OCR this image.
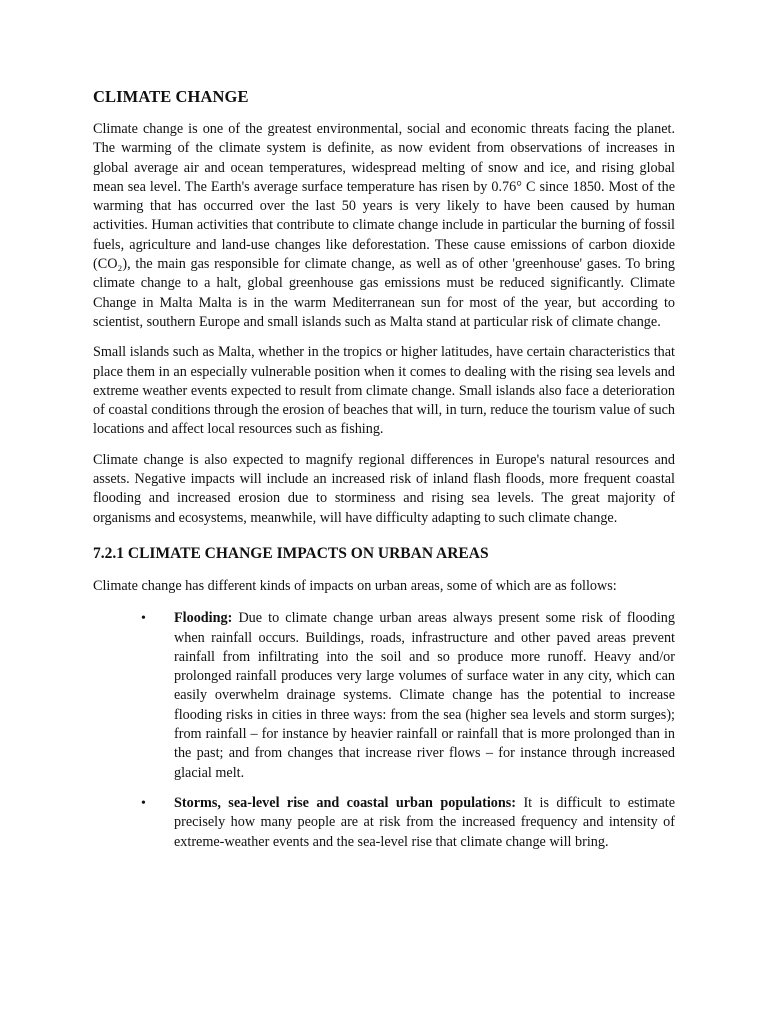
CLIMATE CHANGE

Climate change is one of the greatest environmental, social and economic threats facing the planet. The warming of the climate system is definite, as now evident from observations of increases in global average air and ocean temperatures, widespread melting of snow and ice, and rising global mean sea level. The Earth's average surface temperature has risen by 0.76° C since 1850. Most of the warming that has occurred over the last 50 years is very likely to have been caused by human activities. Human activities that contribute to climate change include in particular the burning of fossil fuels, agriculture and land-use changes like deforestation. These cause emissions of carbon dioxide (CO₂), the main gas responsible for climate change, as well as of other 'greenhouse' gases. To bring climate change to a halt, global greenhouse gas emissions must be reduced significantly. Climate Change in Malta Malta is in the warm Mediterranean sun for most of the year, but according to scientist, southern Europe and small islands such as Malta stand at particular risk of climate change.

Small islands such as Malta, whether in the tropics or higher latitudes, have certain characteristics that place them in an especially vulnerable position when it comes to dealing with the rising sea levels and extreme weather events expected to result from climate change. Small islands also face a deterioration of coastal conditions through the erosion of beaches that will, in turn, reduce the tourism value of such locations and affect local resources such as fishing.

Climate change is also expected to magnify regional differences in Europe's natural resources and assets. Negative impacts will include an increased risk of inland flash floods, more frequent coastal flooding and increased erosion due to storminess and rising sea levels. The great majority of organisms and ecosystems, meanwhile, will have difficulty adapting to such climate change.

7.2.1 CLIMATE CHANGE IMPACTS ON URBAN AREAS

Climate change has different kinds of impacts on urban areas, some of which are as follows:

• Flooding: Due to climate change urban areas always present some risk of flooding when rainfall occurs. Buildings, roads, infrastructure and other paved areas prevent rainfall from infiltrating into the soil and so produce more runoff. Heavy and/or prolonged rainfall produces very large volumes of surface water in any city, which can easily overwhelm drainage systems. Climate change has the potential to increase flooding risks in cities in three ways: from the sea (higher sea levels and storm surges); from rainfall – for instance by heavier rainfall or rainfall that is more prolonged than in the past; and from changes that increase river flows – for instance through increased glacial melt.
• Storms, sea-level rise and coastal urban populations: It is difficult to estimate precisely how many people are at risk from the increased frequency and intensity of extreme-weather events and the sea-level rise that climate change will bring.
